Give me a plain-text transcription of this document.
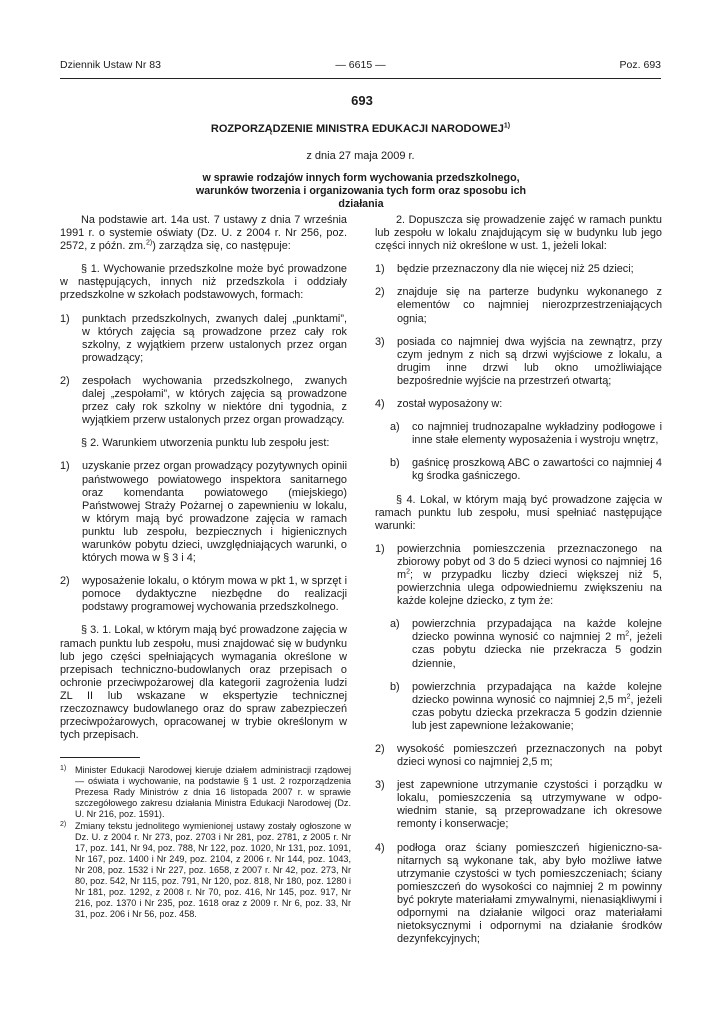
Dziennik Ustaw Nr 83	— 6615 —	Poz. 693
693
ROZPORZĄDZENIE MINISTRA EDUKACJI NARODOWEJ$^{1)}$
z dnia 27 maja 2009 r.
w sprawie rodzajów innych form wychowania przedszkolnego, warunków tworzenia i organizowania tych form oraz sposobu ich działania

Na podstawie art. 14a ust. 7 ustawy z dnia 7 września 1991 r. o systemie oświaty (Dz. U. z 2004 r. Nr 256, poz. 2572, z późn. zm.$^{2)}$) zarządza się, co następuje:

§ 1. Wychowanie przedszkolne może być prowadzone w następujących, innych niż przedszkola i oddziały przedszkolne w szkołach podstawowych, formach:

1) punktach przedszkolnych, zwanych dalej „punktami”, w których zajęcia są prowadzone przez cały rok szkolny, z wyjątkiem przerw ustalonych przez organ prowadzący;
2) zespołach wychowania przedszkolnego, zwanych dalej „zespołami”, w których zajęcia są prowadzone przez cały rok szkolny w niektóre dni tygodnia, z wyjątkiem przerw ustalonych przez organ prowadzący.

§ 2. Warunkiem utworzenia punktu lub zespołu jest:

1) uzyskanie przez organ prowadzący pozytywnych opinii państwowego powiatowego inspektora sanitarnego oraz komendanta powiatowego (miejskiego) Państwowej Straży Pożarnej o zapewnieniu w lokalu, w którym mają być prowadzone zajęcia w ramach punktu lub zespołu, bezpiecznych i higienicznych warunków pobytu dzieci, uwzględniających warunki, o których mowa w § 3 i 4;
2) wyposażenie lokalu, o którym mowa w pkt 1, w sprzęt i pomoce dydaktyczne niezbędne do realizacji podstawy programowej wychowania przedszkolnego.

§ 3. 1. Lokal, w którym mają być prowadzone zajęcia w ramach punktu lub zespołu, musi znajdować się w budynku lub jego części spełniających wymagania określone w przepisach techniczno-budowlanych oraz przepisach o ochronie przeciwpożarowej dla kategorii zagrożenia ludzi ZL II lub wskazane w ekspertyzie technicznej rzeczoznawcy budowlanego oraz do spraw zabezpieczeń przeciwpożarowych, opracowanej w trybie określonym w tych przepisach.

2. Dopuszcza się prowadzenie zajęć w ramach punktu lub zespołu w lokalu znajdującym się w budynku lub jego części innych niż określone w ust. 1, jeżeli lokal:

1) będzie przeznaczony dla nie więcej niż 25 dzieci;
2) znajduje się na parterze budynku wykonanego z elementów co najmniej nierozprzestrzeniających ognia;
3) posiada co najmniej dwa wyjścia na zewnątrz, przy czym jednym z nich są drzwi wyjściowe z lokalu, a drugim inne drzwi lub okno umożliwiające bezpośrednie wyjście na przestrzeń otwartą;
4) został wyposażony w:
a) co najmniej trudnozapalne wykładziny podłogowe i inne stałe elementy wyposażenia i wystroju wnętrz,
b) gaśnicę proszkową ABC o zawartości co najmniej 4 kg środka gaśniczego.

§ 4. Lokal, w którym mają być prowadzone zajęcia w ramach punktu lub zespołu, musi spełniać następujące warunki:

1) powierzchnia pomieszczenia przeznaczonego na zbiorowy pobyt od 3 do 5 dzieci wynosi co najmniej 16 $m^2$; w przypadku liczby dzieci większej niż 5, powierzchnia ulega odpowiedniemu zwiększeniu na każde kolejne dziecko, z tym że:
a) powierzchnia przypadająca na każde kolejne dziecko powinna wynosić co najmniej 2 $m^2$, jeżeli czas pobytu dziecka nie przekracza 5 godzin dziennie,
b) powierzchnia przypadająca na każde kolejne dziecko powinna wynosić co najmniej 2,5 $m^2$, jeżeli czas pobytu dziecka przekracza 5 godzin dziennie lub jest zapewnione leżakowanie;
2) wysokość pomieszczeń przeznaczonych na pobyt dzieci wynosi co najmniej 2,5 m;
3) jest zapewnione utrzymanie czystości i porządku w lokalu, pomieszczenia są utrzymywane w odpowiednim stanie, są przeprowadzane ich okresowe remonty i konserwacje;
4) podłoga oraz ściany pomieszczeń higieniczno-sanitarnych są wykonane tak, aby było możliwe łatwe utrzymanie czystości w tych pomieszczeniach; ściany pomieszczeń do wysokości co najmniej 2 m powinny być pokryte materiałami zmywalnymi, nienasiąkliwymi i odpornymi na działanie wilgoci oraz materiałami nietoksycznymi i odpornymi na działanie środków dezynfekcyjnych;
1) Minister Edukacji Narodowej kieruje działem administracji rządowej — oświata i wychowanie, na podstawie § 1 ust. 2 rozporządzenia Prezesa Rady Ministrów z dnia 16 listopada 2007 r. w sprawie szczegółowego zakresu działania Ministra Edukacji Narodowej (Dz. U. Nr 216, poz. 1591).
2) Zmiany tekstu jednolitego wymienionej ustawy zostały ogłoszone w Dz. U. z 2004 r. Nr 273, poz. 2703 i Nr 281, poz. 2781, z 2005 r. Nr 17, poz. 141, Nr 94, poz. 788, Nr 122, poz. 1020, Nr 131, poz. 1091, Nr 167, poz. 1400 i Nr 249, poz. 2104, z 2006 r. Nr 144, poz. 1043, Nr 208, poz. 1532 i Nr 227, poz. 1658, z 2007 r. Nr 42, poz. 273, Nr 80, poz. 542, Nr 115, poz. 791, Nr 120, poz. 818, Nr 180, poz. 1280 i Nr 181, poz. 1292, z 2008 r. Nr 70, poz. 416, Nr 145, poz. 917, Nr 216, poz. 1370 i Nr 235, poz. 1618 oraz z 2009 r. Nr 6, poz. 33, Nr 31, poz. 206 i Nr 56, poz. 458.
